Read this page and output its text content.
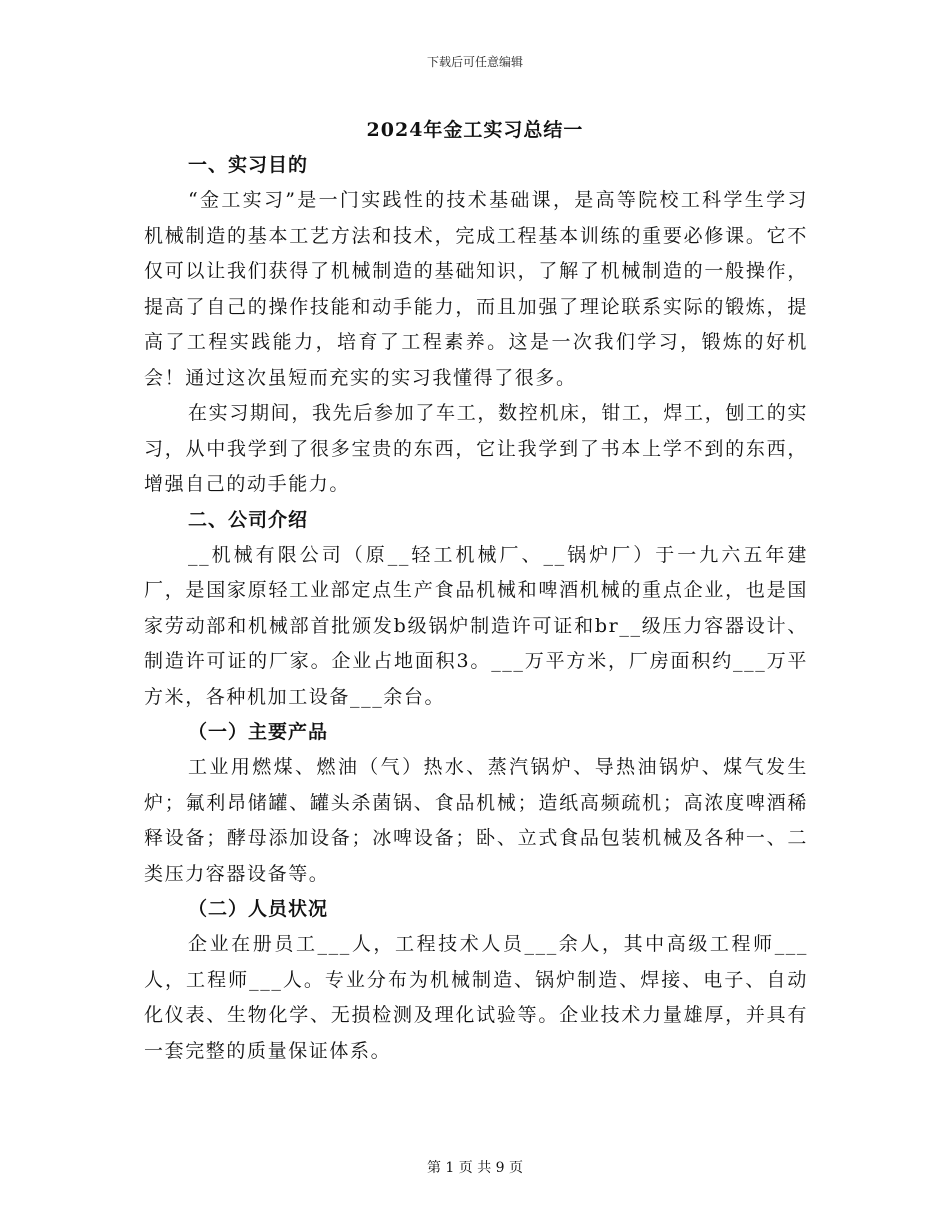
下载后可任意编辑
2024年金工实习总结一
一、实习目的

“金工实习”是一门实践性的技术基础课，是高等院校工科学生学习机械制造的基本工艺方法和技术，完成工程基本训练的重要必修课。它不仅可以让我们获得了机械制造的基础知识，了解了机械制造的一般操作，提高了自己的操作技能和动手能力，而且加强了理论联系实际的锻炼，提高了工程实践能力，培育了工程素养。这是一次我们学习，锻炼的好机会！通过这次虽短而充实的实习我懂得了很多。

在实习期间，我先后参加了车工，数控机床，钳工，焊工，刨工的实习，从中我学到了很多宝贵的东西，它让我学到了书本上学不到的东西，增强自己的动手能力。

二、公司介绍

__机械有限公司（原__轻工机械厂、__锅炉厂）于一九六五年建厂，是国家原轻工业部定点生产食品机械和啤酒机械的重点企业，也是国家劳动部和机械部首批颁发b级锅炉制造许可证和br__级压力容器设计、制造许可证的厂家。企业占地面积3。___万平方米，厂房面积约___万平方米，各种机加工设备___余台。

（一）主要产品

工业用燃煤、燃油（气）热水、蒸汽锅炉、导热油锅炉、煤气发生炉；氟利昂储罐、罐头杀菌锅、食品机械；造纸高频疏机；高浓度啤酒稀释设备；酵母添加设备；冰啤设备；卧、立式食品包装机械及各种一、二类压力容器设备等。

（二）人员状况

企业在册员工___人，工程技术人员___余人，其中高级工程师___人，工程师___人。专业分布为机械制造、锅炉制造、焊接、电子、自动化仪表、生物化学、无损检测及理化试验等。企业技术力量雄厚，并具有一套完整的质量保证体系。

第 1 页 共 9 页
